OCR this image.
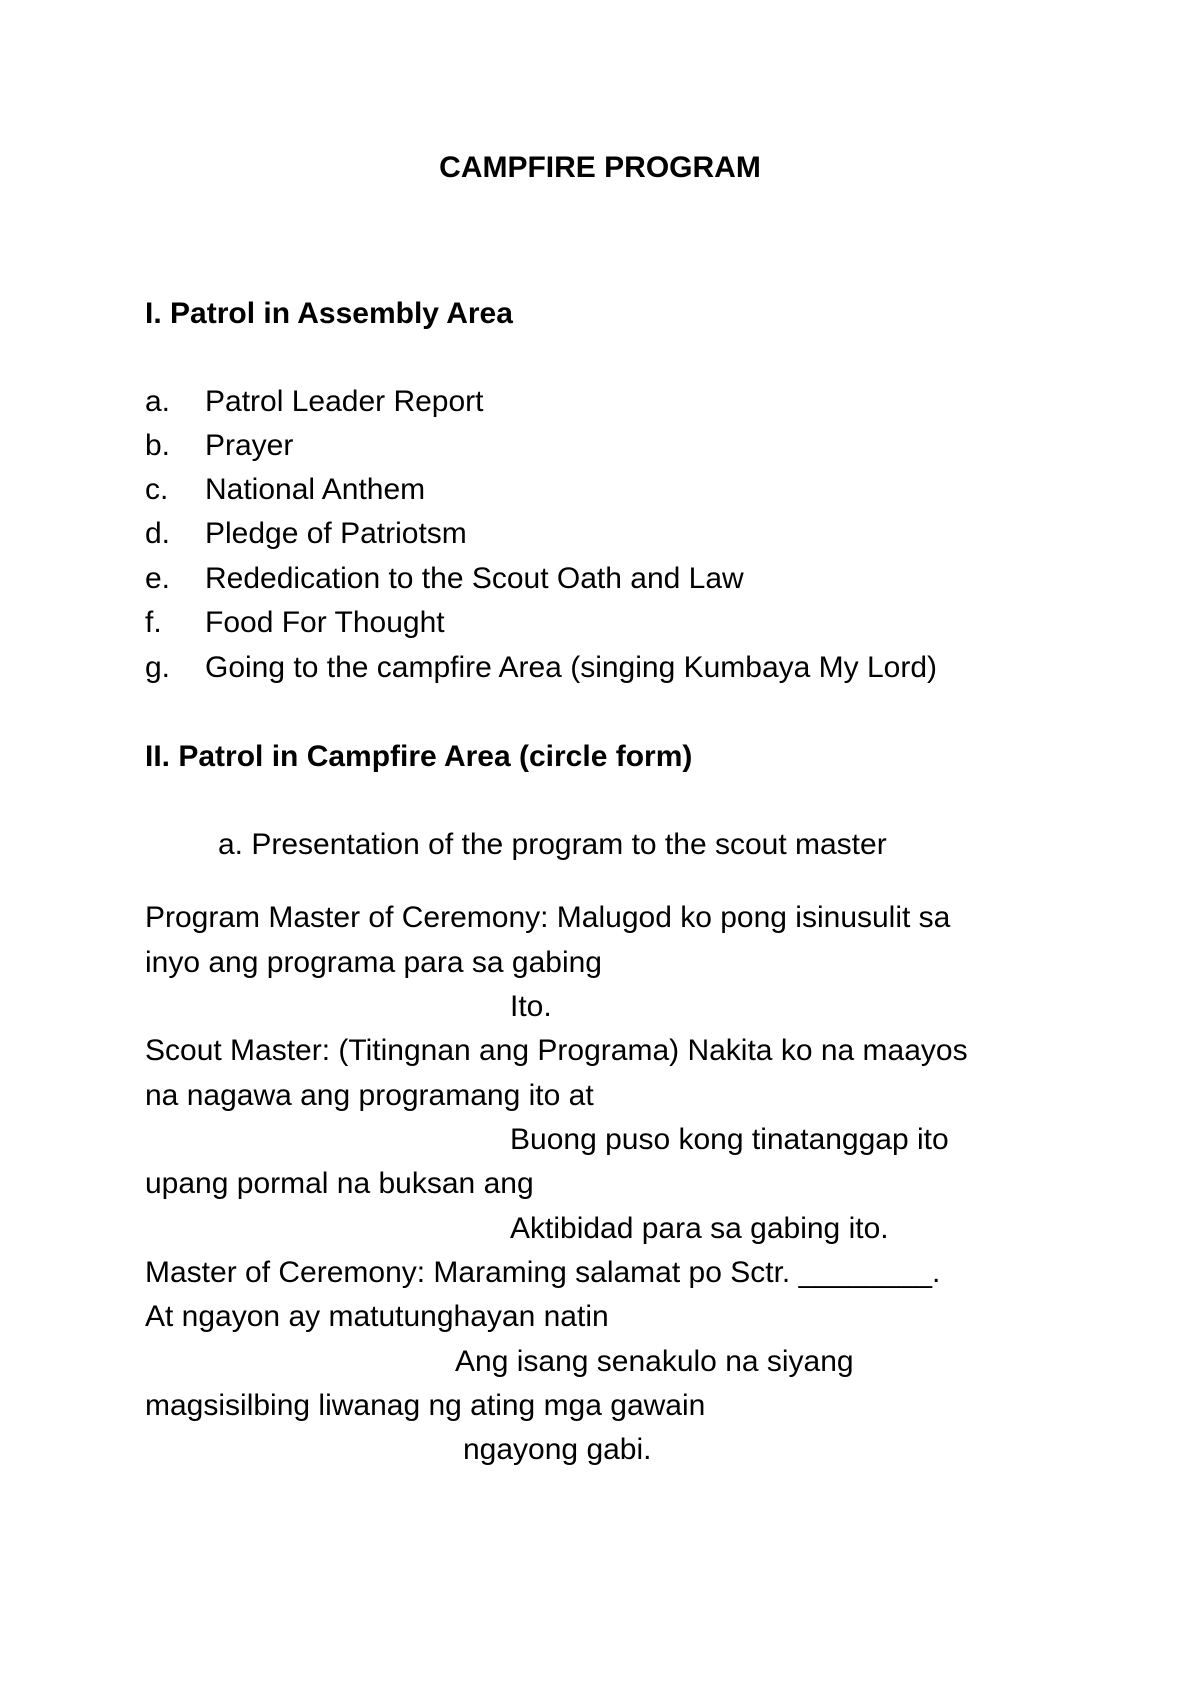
CAMPFIRE PROGRAM
I. Patrol in Assembly Area
a. Patrol Leader Report
b. Prayer
c. National Anthem
d. Pledge of Patriotsm
e. Rededication to the Scout Oath and Law
f. Food For Thought
g. Going to the campfire Area (singing Kumbaya My Lord)
II. Patrol in Campfire Area (circle form)
a. Presentation of the program to the scout master
Program Master of Ceremony: Malugod ko pong isinusulit sa
inyo ang programa para sa gabing
Ito.
Scout Master: (Titingnan ang Programa) Nakita ko na maayos
na nagawa ang programang ito at
Buong puso kong tinatanggap ito
upang pormal na buksan ang
Aktibidad para sa gabing ito.
Master of Ceremony: Maraming salamat po Sctr. ________.
At ngayon ay matutunghayan natin
Ang isang senakulo na siyang
magsisilbing liwanag ng ating mga gawain
ngayong gabi.
